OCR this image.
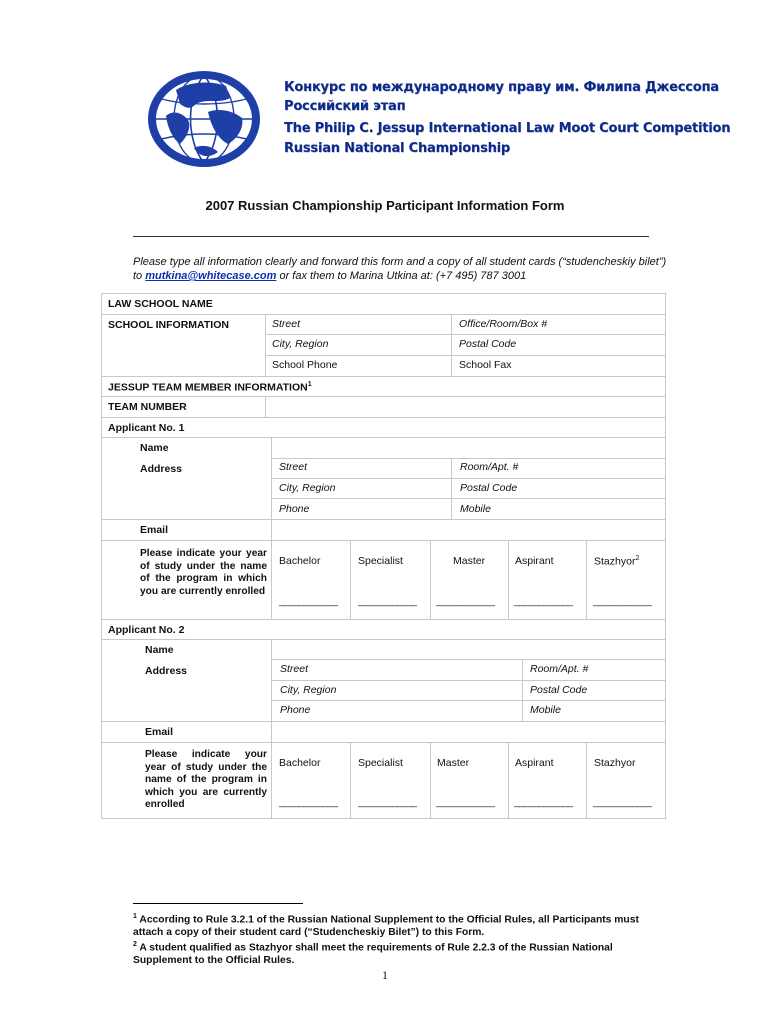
Конкурс по международному праву им. Филипа Джессопа
Российский этап
The Philip C. Jessup International Law Moot Court Competition
Russian National Championship
2007 Russian Championship Participant Information Form
Please type all information clearly and forward this form and a copy of all student cards (“studencheskiy bilet”)
to mutkina@whitecase.com or fax them to Marina Utkina at: (+7 495) 787 3001
LAW SCHOOL NAME
SCHOOL INFORMATION	Street	Office/Room/Box #
City, Region	Postal Code
School Phone	School Fax
JESSUP TEAM MEMBER INFORMATION$^1$
TEAM NUMBER
Applicant No. 1
Name
Address	Street	Room/Apt. #
City, Region	Postal Code
Phone	Mobile
Email
Please indicate your year of study under the name of the program in which you are currently enrolled
Bachelor	Specialist	Master	Aspirant	Stazhyor$^2$
____________ ____________ ____________ ____________ ____________
Applicant No. 2
Name
Address	Street	Room/Apt. #
City, Region	Postal Code
Phone	Mobile
Email
Please indicate your year of study under the name of the program in which you are currently enrolled
Bachelor	Specialist	Master	Aspirant	Stazhyor
____________ ____________ ____________ ____________ ____________
$^1$ According to Rule 3.2.1 of the Russian National Supplement to the Official Rules, all Participants must attach a copy of their student card (“Studencheskiy Bilet”) to this Form.
$^2$ A student qualified as Stazhyor shall meet the requirements of Rule 2.2.3 of the Russian National Supplement to the Official Rules.
1
